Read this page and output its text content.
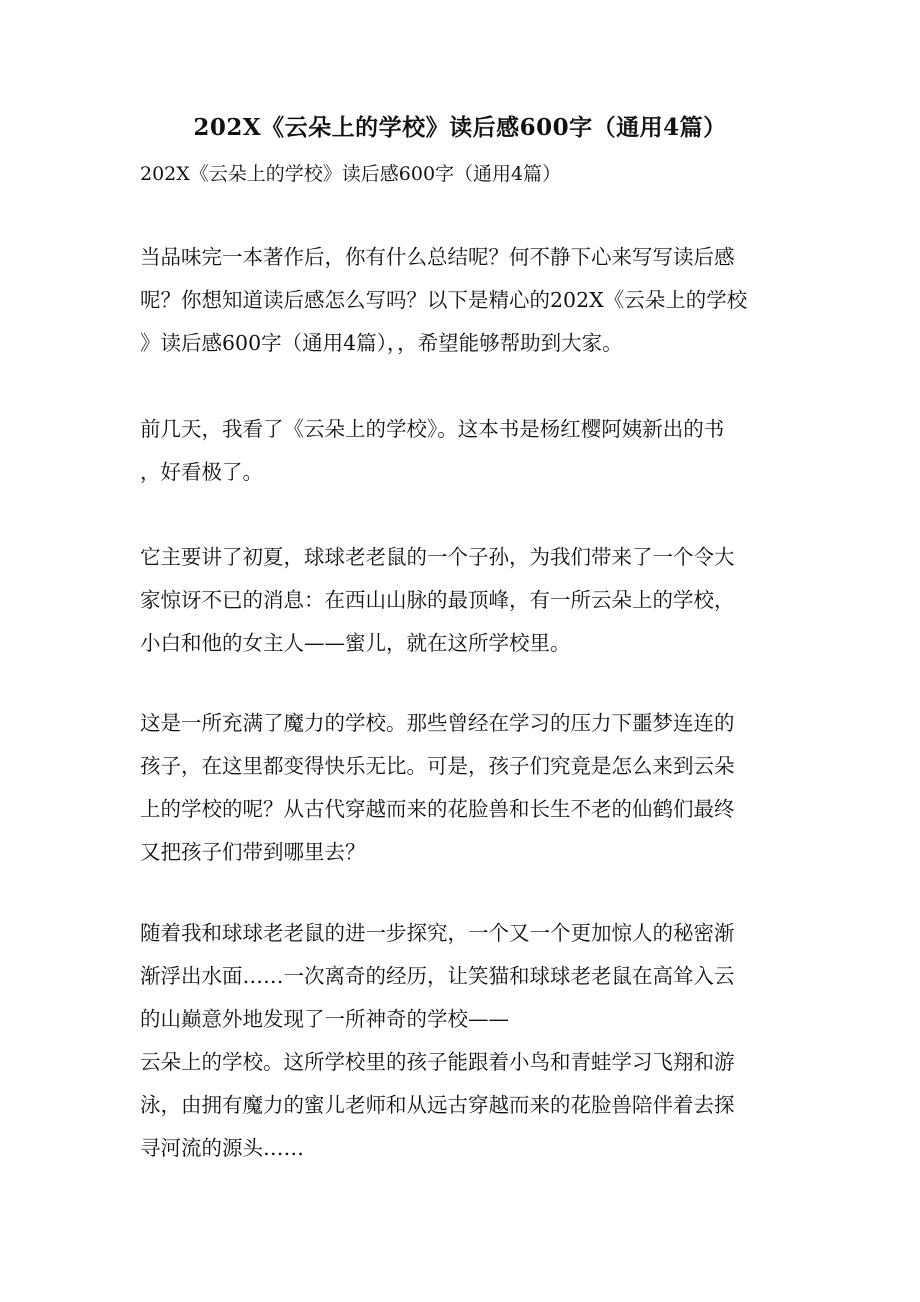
202X《云朵上的学校》读后感600字（通用4篇）
202X《云朵上的学校》读后感600字（通用4篇）

当品味完一本著作后，你有什么总结呢？何不静下心来写写读后感
呢？你想知道读后感怎么写吗？以下是精心的202X《云朵上的学校
》读后感600字（通用4篇），，希望能够帮助到大家。

前几天，我看了《云朵上的学校》。这本书是杨红樱阿姨新出的书
，好看极了。

它主要讲了初夏，球球老老鼠的一个子孙，为我们带来了一个令大
家惊讶不已的消息：在西山山脉的最顶峰，有一所云朵上的学校，
小白和他的女主人——蜜儿，就在这所学校里。

这是一所充满了魔力的学校。那些曾经在学习的压力下噩梦连连的
孩子，在这里都变得快乐无比。可是，孩子们究竟是怎么来到云朵
上的学校的呢？从古代穿越而来的花脸兽和长生不老的仙鹤们最终
又把孩子们带到哪里去？

随着我和球球老老鼠的进一步探究，一个又一个更加惊人的秘密渐
渐浮出水面……一次离奇的经历，让笑猫和球球老老鼠在高耸入云
的山巅意外地发现了一所神奇的学校——
云朵上的学校。这所学校里的孩子能跟着小鸟和青蛙学习飞翔和游
泳，由拥有魔力的蜜儿老师和从远古穿越而来的花脸兽陪伴着去探
寻河流的源头……
